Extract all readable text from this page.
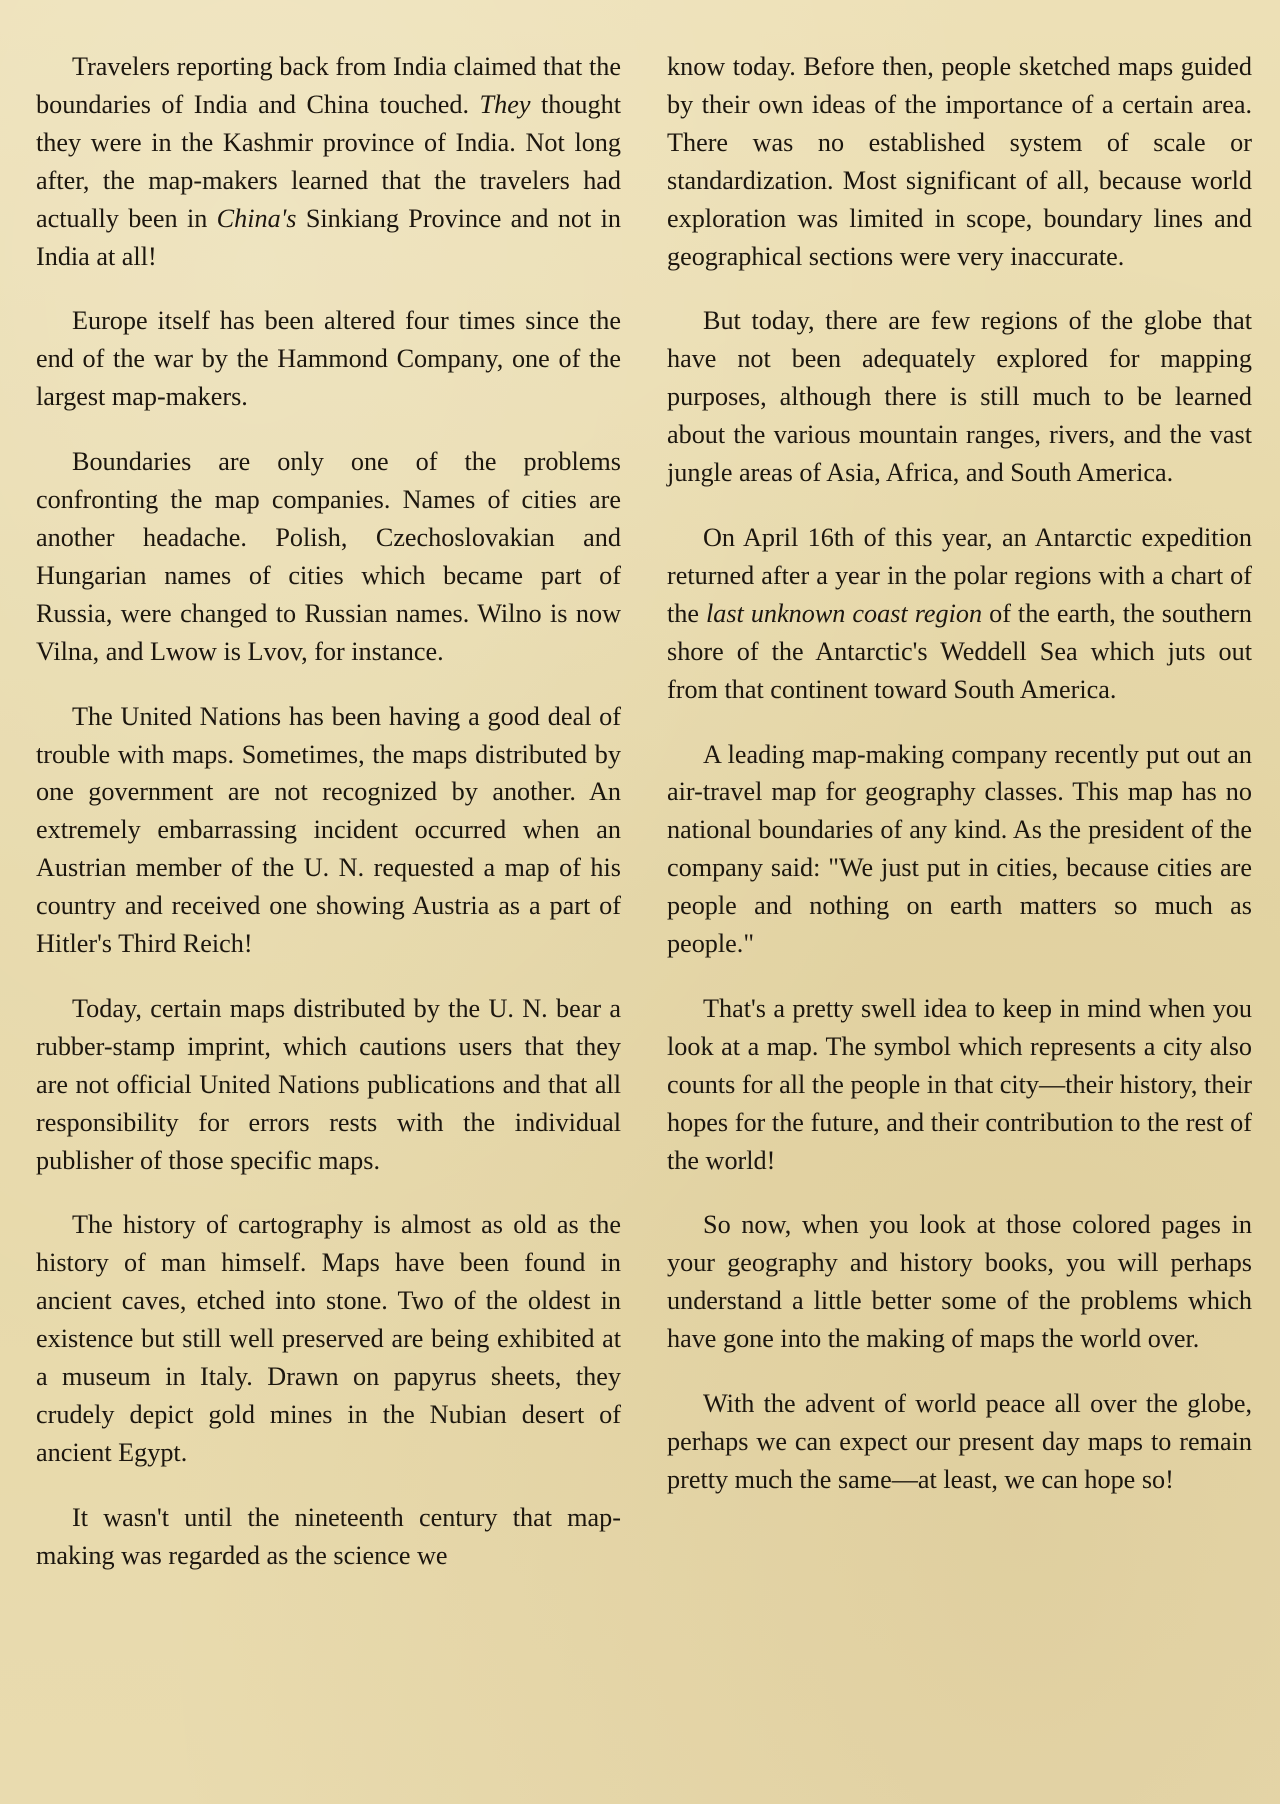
Travelers reporting back from India claimed that the boundaries of India and China touched. They thought they were in the Kashmir province of India. Not long after, the map-makers learned that the travelers had actually been in China's Sinkiang Province and not in India at all!

Europe itself has been altered four times since the end of the war by the Hammond Company, one of the largest map-makers.

Boundaries are only one of the problems confronting the map companies. Names of cities are another headache. Polish, Czechoslovakian and Hungarian names of cities which became part of Russia, were changed to Russian names. Wilno is now Vilna, and Lwow is Lvov, for instance.

The United Nations has been having a good deal of trouble with maps. Sometimes, the maps distributed by one government are not recognized by another. An extremely embarrassing incident occurred when an Austrian member of the U. N. requested a map of his country and received one showing Austria as a part of Hitler's Third Reich!

Today, certain maps distributed by the U. N. bear a rubber-stamp imprint, which cautions users that they are not official United Nations publications and that all responsibility for errors rests with the individual publisher of those specific maps.

The history of cartography is almost as old as the history of man himself. Maps have been found in ancient caves, etched into stone. Two of the oldest in existence but still well preserved are being exhibited at a museum in Italy. Drawn on papyrus sheets, they crudely depict gold mines in the Nubian desert of ancient Egypt.

It wasn't until the nineteenth century that map-making was regarded as the science we

know today. Before then, people sketched maps guided by their own ideas of the importance of a certain area. There was no established system of scale or standardization. Most significant of all, because world exploration was limited in scope, boundary lines and geographical sections were very inaccurate.

But today, there are few regions of the globe that have not been adequately explored for mapping purposes, although there is still much to be learned about the various mountain ranges, rivers, and the vast jungle areas of Asia, Africa, and South America.

On April 16th of this year, an Antarctic expedition returned after a year in the polar regions with a chart of the last unknown coast region of the earth, the southern shore of the Antarctic's Weddell Sea which juts out from that continent toward South America.

A leading map-making company recently put out an air-travel map for geography classes. This map has no national boundaries of any kind. As the president of the company said: "We just put in cities, because cities are people and nothing on earth matters so much as people."

That's a pretty swell idea to keep in mind when you look at a map. The symbol which represents a city also counts for all the people in that city—their history, their hopes for the future, and their contribution to the rest of the world!

So now, when you look at those colored pages in your geography and history books, you will perhaps understand a little better some of the problems which have gone into the making of maps the world over.

With the advent of world peace all over the globe, perhaps we can expect our present day maps to remain pretty much the same—at least, we can hope so!
